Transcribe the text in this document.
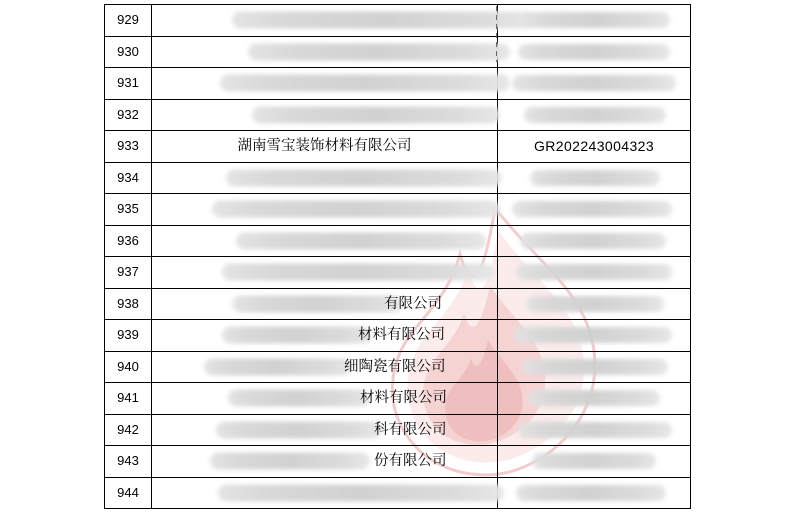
929	

930	

931	

932	

933	湖南雪宝装饰材料有限公司	GR202243004323

934	

935	

936	

937	

938	有限公司	

939	材料有限公司	

940	细陶瓷有限公司	

941	材料有限公司	

942	科有限公司	

943	份有限公司	

944	
